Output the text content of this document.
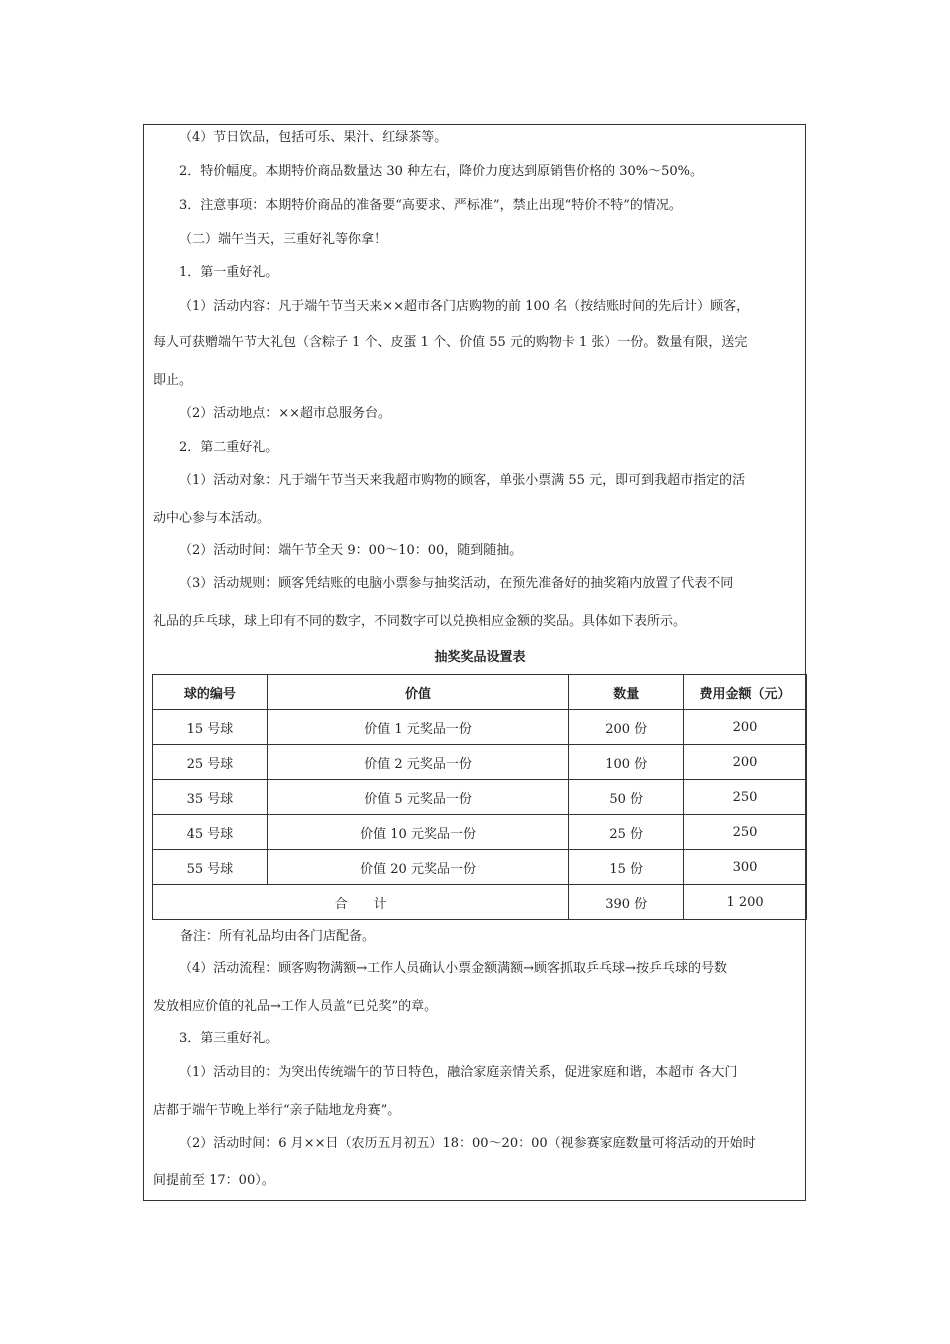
（4）节日饮品，包括可乐、果汁、红绿茶等。
2．特价幅度。本期特价商品数量达 30 种左右，降价力度达到原销售价格的 30%～50%。
3．注意事项：本期特价商品的准备要“高要求、严标准”，禁止出现“特价不特”的情况。
（二）端午当天，三重好礼等你拿！
1．第一重好礼。
（1）活动内容：凡于端午节当天来××超市各门店购物的前 100 名（按结账时间的先后计）顾客，
每人可获赠端午节大礼包（含粽子 1 个、皮蛋 1 个、价值 55 元的购物卡 1 张）一份。数量有限，送完
即止。
（2）活动地点：××超市总服务台。
2．第二重好礼。
（1）活动对象：凡于端午节当天来我超市购物的顾客，单张小票满 55 元，即可到我超市指定的活
动中心参与本活动。
（2）活动时间：端午节全天 9：00～10：00，随到随抽。
（3）活动规则：顾客凭结账的电脑小票参与抽奖活动，在预先准备好的抽奖箱内放置了代表不同
礼品的乒乓球，球上印有不同的数字，不同数字可以兑换相应金额的奖品。具体如下表所示。
抽奖奖品设置表
球的编号	价值	数量	费用金额（元）
15 号球	价值 1 元奖品一份	200 份	200
25 号球	价值 2 元奖品一份	100 份	200
35 号球	价值 5 元奖品一份	50 份	250
45 号球	价值 10 元奖品一份	25 份	250
55 号球	价值 20 元奖品一份	15 份	300
合　　计		390 份	1 200
备注：所有礼品均由各门店配备。
（4）活动流程：顾客购物满额→工作人员确认小票金额满额→顾客抓取乒乓球→按乒乓球的号数
发放相应价值的礼品→工作人员盖“已兑奖”的章。
3．第三重好礼。
（1）活动目的：为突出传统端午的节日特色，融洽家庭亲情关系，促进家庭和谐，本超市 各大门
店都于端午节晚上举行“亲子陆地龙舟赛”。
（2）活动时间：6 月××日（农历五月初五）18：00～20：00（视参赛家庭数量可将活动的开始时
间提前至 17：00）。
